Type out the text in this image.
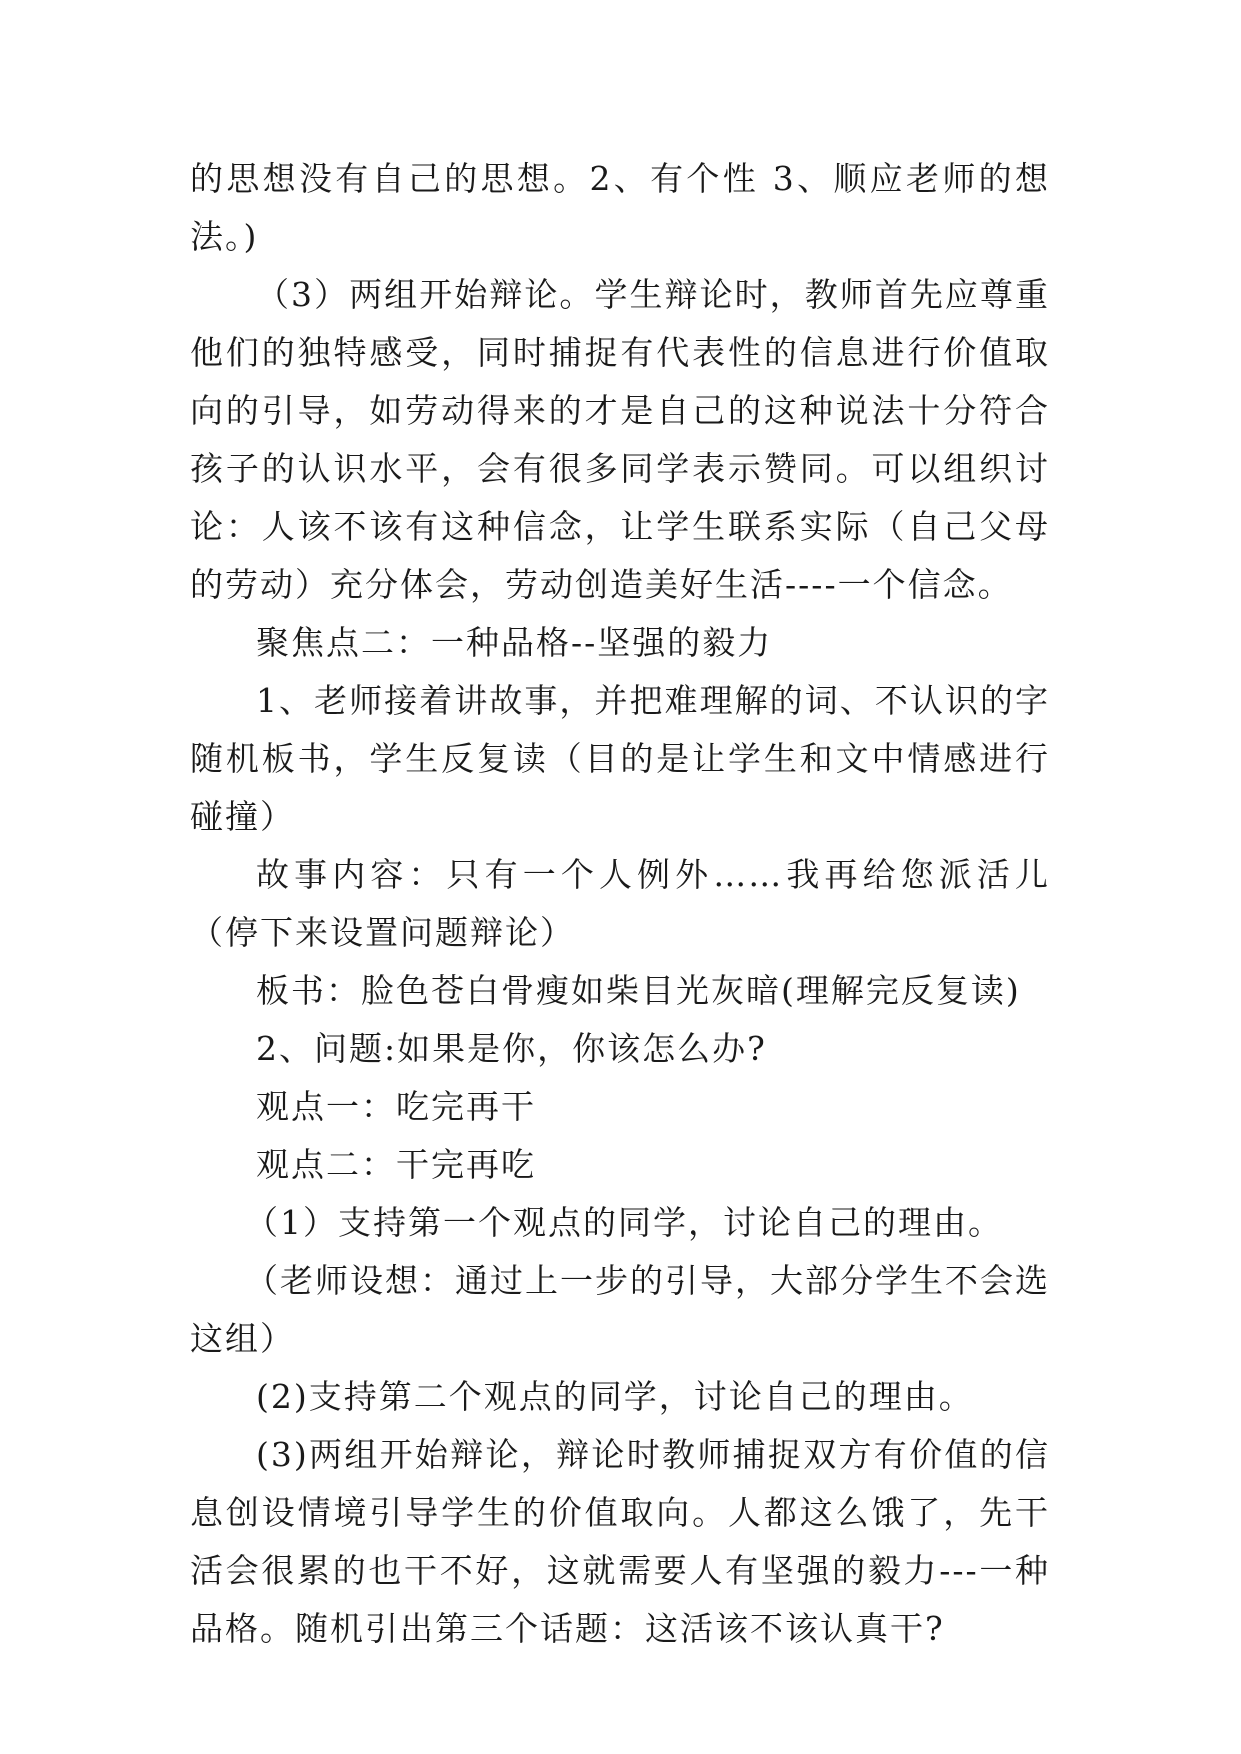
的思想没有自己的思想。2、有个性 3、顺应老师的想法。)

（3）两组开始辩论。学生辩论时，教师首先应尊重他们的独特感受，同时捕捉有代表性的信息进行价值取向的引导，如劳动得来的才是自己的这种说法十分符合孩子的认识水平，会有很多同学表示赞同。可以组织讨论：人该不该有这种信念，让学生联系实际（自己父母的劳动）充分体会，劳动创造美好生活----一个信念。

聚焦点二：一种品格--坚强的毅力

1、老师接着讲故事，并把难理解的词、不认识的字随机板书，学生反复读（目的是让学生和文中情感进行碰撞）

故事内容：只有一个人例外……我再给您派活儿（停下来设置问题辩论）

板书：脸色苍白骨瘦如柴目光灰暗(理解完反复读)

2、问题:如果是你，你该怎么办?

观点一：吃完再干

观点二：干完再吃

（1）支持第一个观点的同学，讨论自己的理由。

（老师设想：通过上一步的引导，大部分学生不会选这组）

(2)支持第二个观点的同学，讨论自己的理由。

(3)两组开始辩论，辩论时教师捕捉双方有价值的信息创设情境引导学生的价值取向。人都这么饿了，先干活会很累的也干不好，这就需要人有坚强的毅力---一种品格。随机引出第三个话题：这活该不该认真干?
